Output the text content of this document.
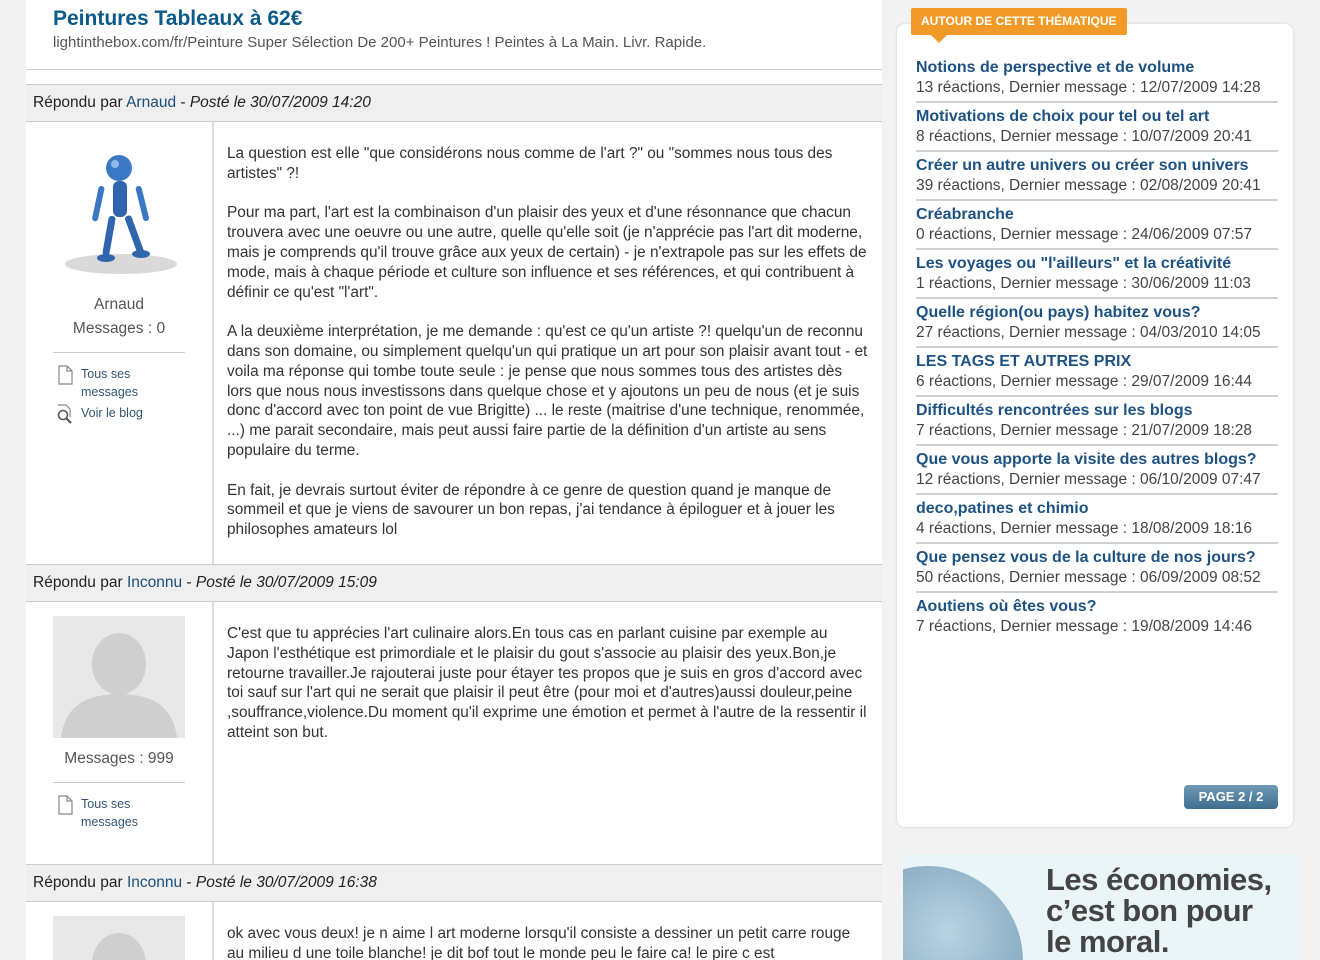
Peintures Tableaux à 62€
lightinthebox.com/fr/Peinture Super Sélection De 200+ Peintures ! Peintes à La Main. Livr. Rapide.
Répondu par Arnaud - Posté le 30/07/2009 14:20
Arnaud
Messages : 0
Tous ses messages
Voir le blog

La question est elle "que considérons nous comme de l'art ?" ou "sommes nous tous des artistes" ?!

Pour ma part, l'art est la combinaison d'un plaisir des yeux et d'une résonnance que chacun trouvera avec une oeuvre ou une autre, quelle qu'elle soit (je n'apprécie pas l'art dit moderne, mais je comprends qu'il trouve grâce aux yeux de certain) - je n'extrapole pas sur les effets de mode, mais à chaque période et culture son influence et ses références, et qui contribuent à définir ce qu'est "l'art".

A la deuxième interprétation, je me demande : qu'est ce qu'un artiste ?! quelqu'un de reconnu dans son domaine, ou simplement quelqu'un qui pratique un art pour son plaisir avant tout - et voila ma réponse qui tombe toute seule : je pense que nous sommes tous des artistes dès lors que nous nous investissons dans quelque chose et y ajoutons un peu de nous (et je suis donc d'accord avec ton point de vue Brigitte) ... le reste (maitrise d'une technique, renommée, ...) me parait secondaire, mais peut aussi faire partie de la définition d'un artiste au sens populaire du terme.

En fait, je devrais surtout éviter de répondre à ce genre de question quand je manque de sommeil et que je viens de savourer un bon repas, j'ai tendance à épiloguer et à jouer les philosophes amateurs lol

Répondu par Inconnu - Posté le 30/07/2009 15:09
Messages : 999
Tous ses messages

C'est que tu apprécies l'art culinaire alors.En tous cas en parlant cuisine par exemple au Japon l'esthétique est primordiale et le plaisir du gout s'associe au plaisir des yeux.Bon,je retourne travailler.Je rajouterai juste pour étayer tes propos que je suis en gros d'accord avec toi sauf sur l'art qui ne serait que plaisir il peut être (pour moi et d'autres)aussi douleur,peine ,souffrance,violence.Du moment qu'il exprime une émotion et permet à l'autre de la ressentir il atteint son but.

Répondu par Inconnu - Posté le 30/07/2009 16:38

ok avec vous deux! je n aime l art moderne lorsqu'il consiste a dessiner un petit carre rouge au milieu d une toile blanche! je dit bof tout le monde peu le faire ca! le pire c est

AUTOUR DE CETTE THÉMATIQUE
Notions de perspective et de volume
13 réactions, Dernier message : 12/07/2009 14:28
Motivations de choix pour tel ou tel art
8 réactions, Dernier message : 10/07/2009 20:41
Créer un autre univers ou créer son univers
39 réactions, Dernier message : 02/08/2009 20:41
Créabranche
0 réactions, Dernier message : 24/06/2009 07:57
Les voyages ou "l'ailleurs" et la créativité
1 réactions, Dernier message : 30/06/2009 11:03
Quelle région(ou pays) habitez vous?
27 réactions, Dernier message : 04/03/2010 14:05
LES TAGS ET AUTRES PRIX
6 réactions, Dernier message : 29/07/2009 16:44
Difficultés rencontrées sur les blogs
7 réactions, Dernier message : 21/07/2009 18:28
Que vous apporte la visite des autres blogs?
12 réactions, Dernier message : 06/10/2009 07:47
deco,patines et chimio
4 réactions, Dernier message : 18/08/2009 18:16
Que pensez vous de la culture de nos jours?
50 réactions, Dernier message : 06/09/2009 08:52
Aoutiens où êtes vous?
7 réactions, Dernier message : 19/08/2009 14:46
PAGE 2 / 2
Les économies,
c’est bon pour
le moral.
